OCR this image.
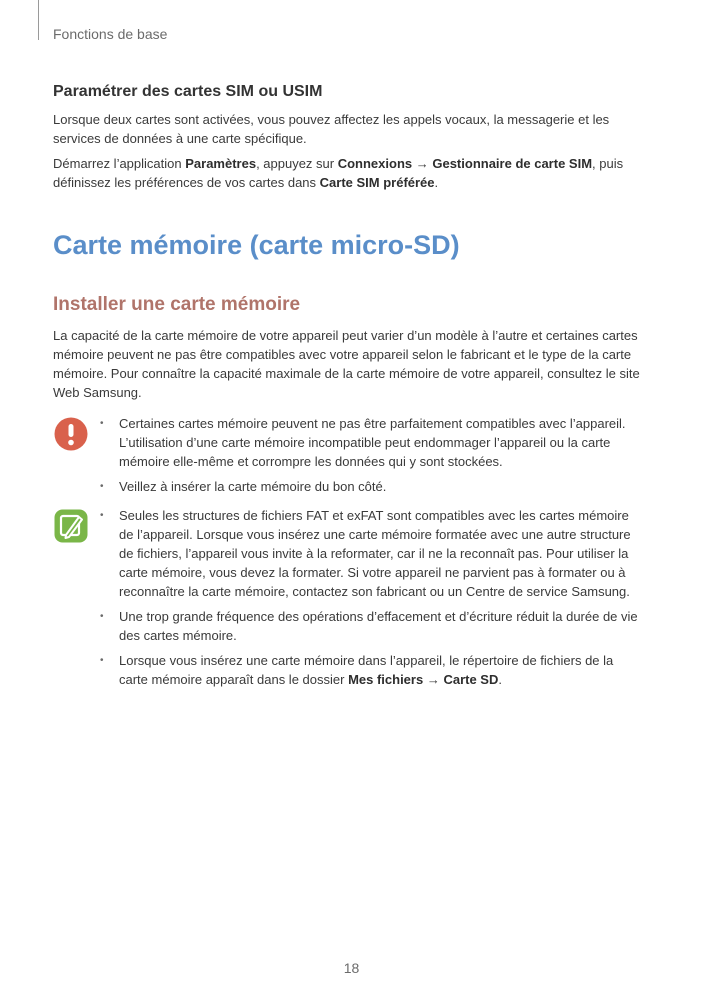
Fonctions de base
Paramétrer des cartes SIM ou USIM

Lorsque deux cartes sont activées, vous pouvez affectez les appels vocaux, la messagerie et les services de données à une carte spécifique.

Démarrez l’application Paramètres, appuyez sur Connexions → Gestionnaire de carte SIM, puis définissez les préférences de vos cartes dans Carte SIM préférée.

Carte mémoire (carte micro-SD)
Installer une carte mémoire

La capacité de la carte mémoire de votre appareil peut varier d’un modèle à l’autre et certaines cartes mémoire peuvent ne pas être compatibles avec votre appareil selon le fabricant et le type de la carte mémoire. Pour connaître la capacité maximale de la carte mémoire de votre appareil, consultez le site Web Samsung.

• Certaines cartes mémoire peuvent ne pas être parfaitement compatibles avec l’appareil. L’utilisation d’une carte mémoire incompatible peut endommager l’appareil ou la carte mémoire elle-même et corrompre les données qui y sont stockées.
• Veillez à insérer la carte mémoire du bon côté.
• Seules les structures de fichiers FAT et exFAT sont compatibles avec les cartes mémoire de l’appareil. Lorsque vous insérez une carte mémoire formatée avec une autre structure de fichiers, l’appareil vous invite à la reformater, car il ne la reconnaît pas. Pour utiliser la carte mémoire, vous devez la formater. Si votre appareil ne parvient pas à formater ou à reconnaître la carte mémoire, contactez son fabricant ou un Centre de service Samsung.
• Une trop grande fréquence des opérations d’effacement et d’écriture réduit la durée de vie des cartes mémoire.
• Lorsque vous insérez une carte mémoire dans l’appareil, le répertoire de fichiers de la carte mémoire apparaît dans le dossier Mes fichiers → Carte SD.
18
